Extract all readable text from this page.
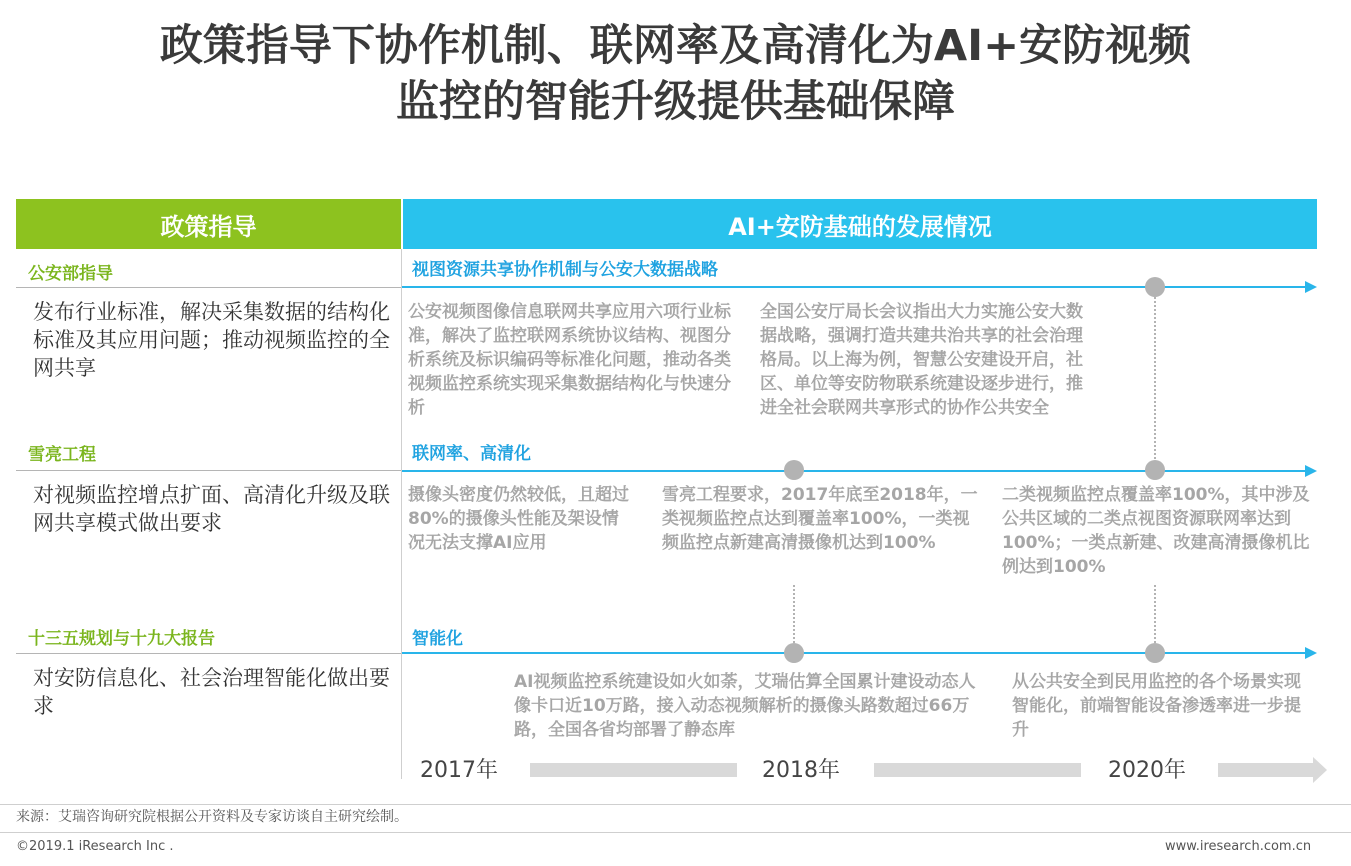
政策指导下协作机制、联网率及高清化为AI+安防视频
监控的智能升级提供基础保障
政策指导	AI+安防基础的发展情况
公安部指导
发布行业标准，解决采集数据的结构化标准及其应用问题；推动视频监控的全网共享
雪亮工程
对视频监控增点扩面、高清化升级及联网共享模式做出要求
十三五规划与十九大报告
对安防信息化、社会治理智能化做出要求
视图资源共享协作机制与公安大数据战略
公安视频图像信息联网共享应用六项行业标准，解决了监控联网系统协议结构、视图分析系统及标识编码等标准化问题，推动各类视频监控系统实现采集数据结构化与快速分析
全国公安厅局长会议指出大力实施公安大数据战略，强调打造共建共治共享的社会治理格局。以上海为例，智慧公安建设开启，社区、单位等安防物联系统建设逐步进行，推进全社会联网共享形式的协作公共安全
联网率、高清化
摄像头密度仍然较低，且超过80%的摄像头性能及架设情况无法支撑AI应用
雪亮工程要求，2017年底至2018年，一类视频监控点达到覆盖率100%，一类视频监控点新建高清摄像机达到100%
二类视频监控点覆盖率100%，其中涉及公共区域的二类点视图资源联网率达到100%；一类点新建、改建高清摄像机比例达到100%
智能化
AI视频监控系统建设如火如荼，艾瑞估算全国累计建设动态人像卡口近10万路，接入动态视频解析的摄像头路数超过66万路，全国各省均部署了静态库
从公共安全到民用监控的各个场景实现智能化，前端智能设备渗透率进一步提升
2017年	2018年	2020年
来源：艾瑞咨询研究院根据公开资料及专家访谈自主研究绘制。
©2019.1 iResearch Inc .	www.iresearch.com.cn
